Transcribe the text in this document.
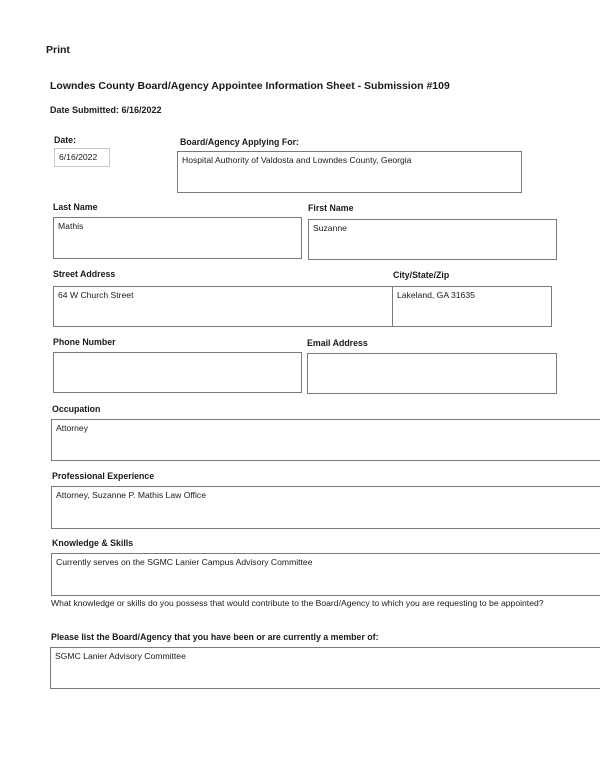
Print
Lowndes County Board/Agency Appointee Information Sheet - Submission #109
Date Submitted: 6/16/2022
Date:
6/16/2022
Board/Agency Applying For:
Hospital Authority of Valdosta and Lowndes County, Georgia
Last Name
Mathis
First Name
Suzanne
Street Address
64 W Church Street
City/State/Zip
Lakeland, GA 31635
Phone Number	Email Address
Occupation
Attorney
Professional Experience
Attorney, Suzanne P. Mathis Law Office
Knowledge & Skills
Currently serves on the SGMC Lanier Campus Advisory Committee
What knowledge or skills do you possess that would contribute to the Board/Agency to which you are requesting to be appointed?
Please list the Board/Agency that you have been or are currently a member of:
SGMC Lanier Advisory Committee
